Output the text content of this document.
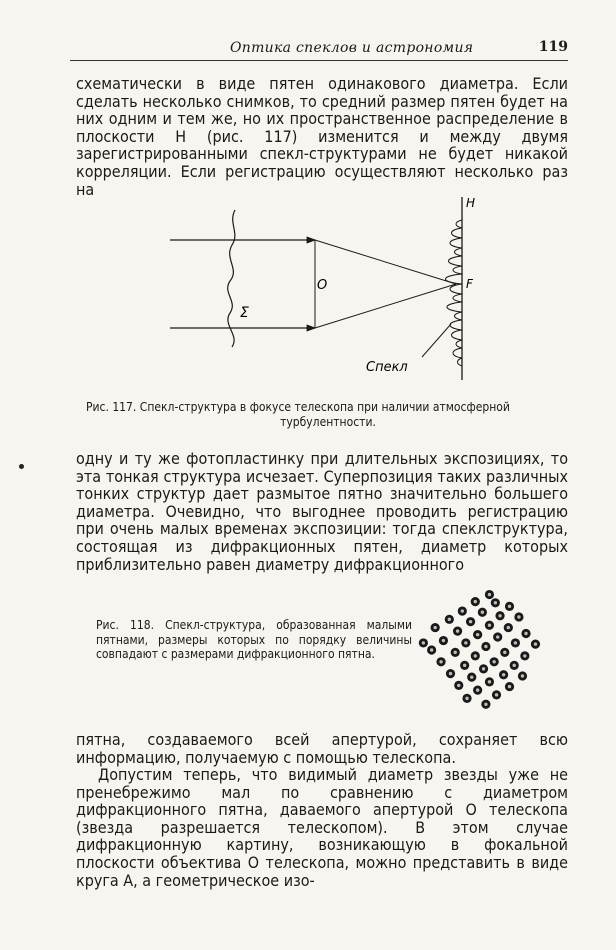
Оптика спеклов и астрономия	119

схематически в виде пятен одинакового диаметра. Если сделать несколько снимков, то средний размер пятен будет на них одним и тем же, но их пространственное распределение в плоскости H (рис. 117) изменится и между двумя зарегистрированными спекл-структурами не будет никакой корреляции. Если регистрацию осуществляют несколько раз на

Σ
O	F
H
Спекл

Рис. 117. Спекл-структура в фокусе телескопа при наличии атмосферной
турбулентности.

одну и ту же фотопластинку при длительных экспозициях, то эта тонкая структура исчезает. Суперпозиция таких различных тонких структур дает размытое пятно значительно большего диаметра. Очевидно, что выгоднее проводить регистрацию при очень малых временах экспозиции: тогда спеклструктура, состоящая из дифракционных пятен, диаметр которых приблизительно равен диаметру дифракционного

Рис. 118. Спекл-структура, образованная малыми пятнами, размеры которых по порядку величины совпадают с размерами дифракционного пятна.

пятна, создаваемого всей апертурой, сохраняет всю информацию, получаемую с помощью телескопа.

Допустим теперь, что видимый диаметр звезды уже не пренебрежимо мал по сравнению с диаметром дифракционного пятна, даваемого апертурой O телескопа (звезда разрешается телескопом). В этом случае дифракционную картину, возникающую в фокальной плоскости объектива O телескопа, можно представить в виде круга A, а геометрическое изо-
